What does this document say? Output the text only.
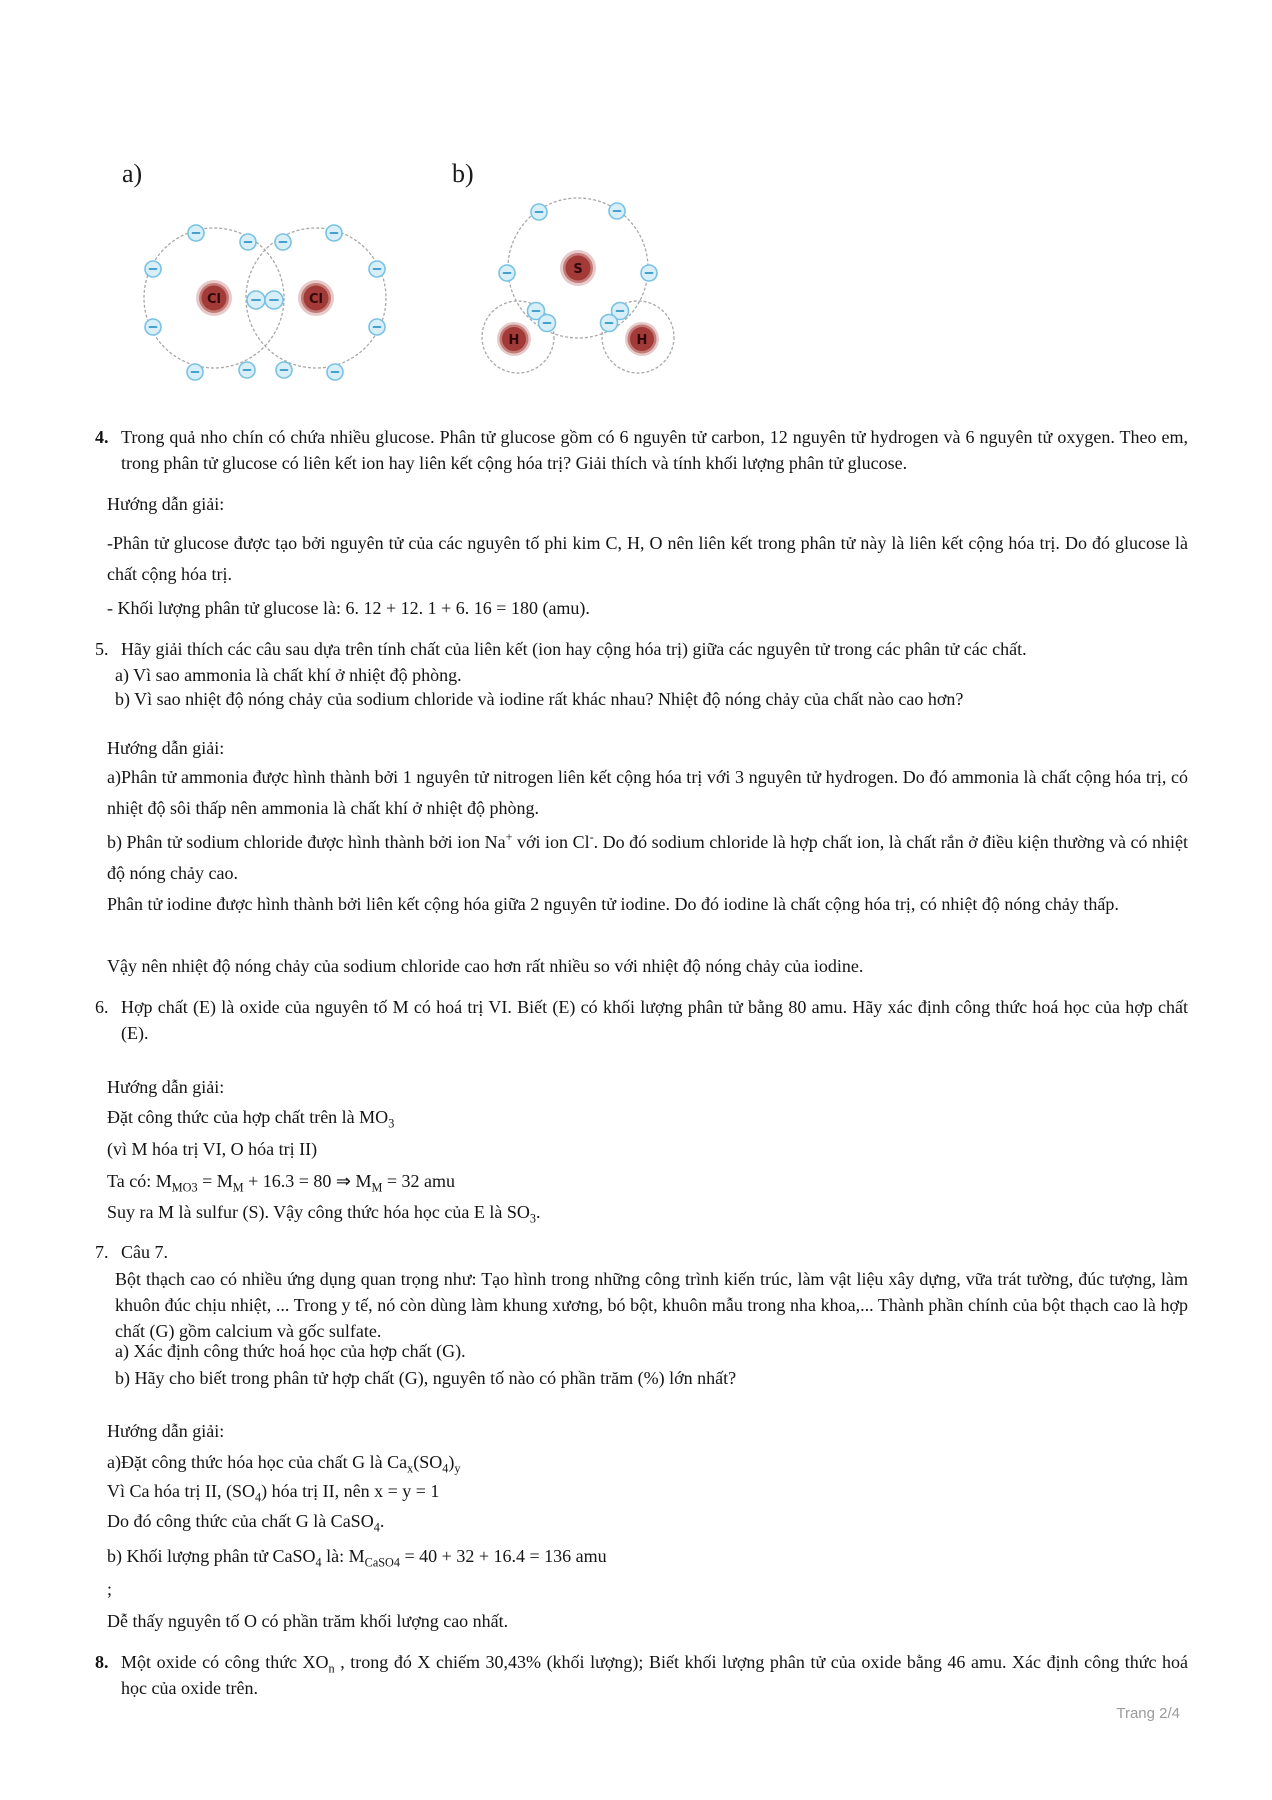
a)
Cl	Cl
b)
S
H	H
4. Trong quả nho chín có chứa nhiều glucose. Phân tử glucose gồm có 6 nguyên tử carbon, 12 nguyên tử hydrogen và 6 nguyên tử oxygen. Theo em, trong phân tử glucose có liên kết ion hay liên kết cộng hóa trị? Giải thích và tính khối lượng phân tử glucose.
Hướng dẫn giải:
-Phân tử glucose được tạo bởi nguyên tử của các nguyên tố phi kim C, H, O nên liên kết trong phân tử này là liên kết cộng hóa trị. Do đó glucose là chất cộng hóa trị.
- Khối lượng phân tử glucose là: 6. 12 + 12. 1 + 6. 16 = 180 (amu).
5. Hãy giải thích các câu sau dựa trên tính chất của liên kết (ion hay cộng hóa trị) giữa các nguyên tử trong các phân tử các chất.
a) Vì sao ammonia là chất khí ở nhiệt độ phòng.
b) Vì sao nhiệt độ nóng chảy của sodium chloride và iodine rất khác nhau? Nhiệt độ nóng chảy của chất nào cao hơn?
Hướng dẫn giải:
a)Phân tử ammonia được hình thành bởi 1 nguyên tử nitrogen liên kết cộng hóa trị với 3 nguyên tử hydrogen. Do đó ammonia là chất cộng hóa trị, có nhiệt độ sôi thấp nên ammonia là chất khí ở nhiệt độ phòng.
b) Phân tử sodium chloride được hình thành bởi ion Na+ với ion Cl-. Do đó sodium chloride là hợp chất ion, là chất rắn ở điều kiện thường và có nhiệt độ nóng chảy cao.
Phân tử iodine được hình thành bởi liên kết cộng hóa giữa 2 nguyên tử iodine. Do đó iodine là chất cộng hóa trị, có nhiệt độ nóng chảy thấp.
Vậy nên nhiệt độ nóng chảy của sodium chloride cao hơn rất nhiều so với nhiệt độ nóng chảy của iodine.
6. Hợp chất (E) là oxide của nguyên tố M có hoá trị VI. Biết (E) có khối lượng phân tử bằng 80 amu. Hãy xác định công thức hoá học của hợp chất (E).
Hướng dẫn giải:
Đặt công thức của hợp chất trên là $MO_3$
(vì M hóa trị VI, O hóa trị II)
Ta có: $M_{MO3} = M_M + 16.3 = 80$ ⇒ $M_M = 32$ amu
Suy ra M là sulfur (S). Vậy công thức hóa học của E là $SO_3$.
7. Câu 7.
Bột thạch cao có nhiều ứng dụng quan trọng như: Tạo hình trong những công trình kiến trúc, làm vật liệu xây dựng, vữa trát tường, đúc tượng, làm khuôn đúc chịu nhiệt, ... Trong y tế, nó còn dùng làm khung xương, bó bột, khuôn mẫu trong nha khoa,... Thành phần chính của bột thạch cao là hợp chất (G) gồm calcium và gốc sulfate.
a) Xác định công thức hoá học của hợp chất (G).
b) Hãy cho biết trong phân tử hợp chất (G), nguyên tố nào có phần trăm (%) lớn nhất?
Hướng dẫn giải:
a)Đặt công thức hóa học của chất G là $Ca_x(SO_4)_y$
Vì Ca hóa trị II, $(SO_4)$ hóa trị II, nên x = y = 1
Do đó công thức của chất G là CaSO$_4$.
b) Khối lượng phân tử CaSO$_4$ là: $M_{CaSO4} = 40 + 32 + 16.4 = 136$ amu
;
Dễ thấy nguyên tố O có phần trăm khối lượng cao nhất.
8. Một oxide có công thức $XO_n$ , trong đó X chiếm 30,43% (khối lượng); Biết khối lượng phân tử của oxide bằng 46 amu. Xác định công thức hoá học của oxide trên.
Trang 2/4
